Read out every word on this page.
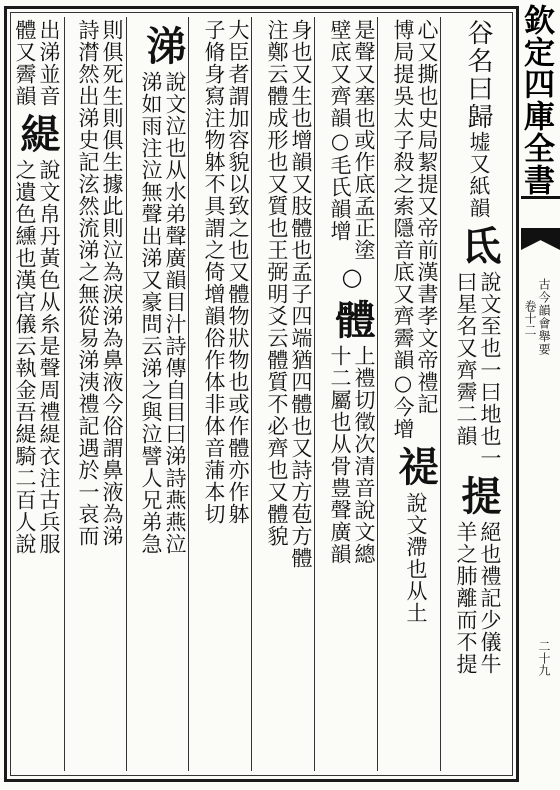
谷名曰歸
墟又紙韻
氐
說文至也一曰地也一
曰星名又齊霽二韻
提
絕也禮記少儀牛
羊之肺離而不提
心又撕也史局絜提又帝前漢書孝文帝禮記
博局提吳太子殺之索隱音底又齊霽韻○今增
禔
說文滯也从土
是聲又塞也或作底孟正塗
壁底又齊韻○毛氏韻增
○
體
上禮切徵次清音說文總
十二屬也从骨豊聲廣韻
身也又生也增韻又肢體也孟子四端猶四體也又詩方苞方體
注鄭云體成形也又質也王弼明爻云體質不必齊也又體貌
大臣者謂加容貌以致之也又體物狀物也或作體亦作躰
子脩身寫注物躰不具謂之倚增韻俗作体非体音蒲本切
涕
說文泣也从水弟聲廣韻目汁詩傳自目曰涕詩燕燕泣
涕如雨注泣無聲出涕又豪問云涕之與泣譬人兄弟急
則俱死生則俱生據此則泣為淚涕為鼻液今俗謂鼻液為涕
詩潸然出涕史記泫然流涕之無從易涕洟禮記遇於一哀而
出涕並音
體又霽韻
緹
說文帛丹黃色从糸是聲周禮緹衣注古兵服
之遺色纁也漢官儀云執金吾緹騎二百人說
欽定四庫全書
古今韻會舉要
卷十二
二十九
